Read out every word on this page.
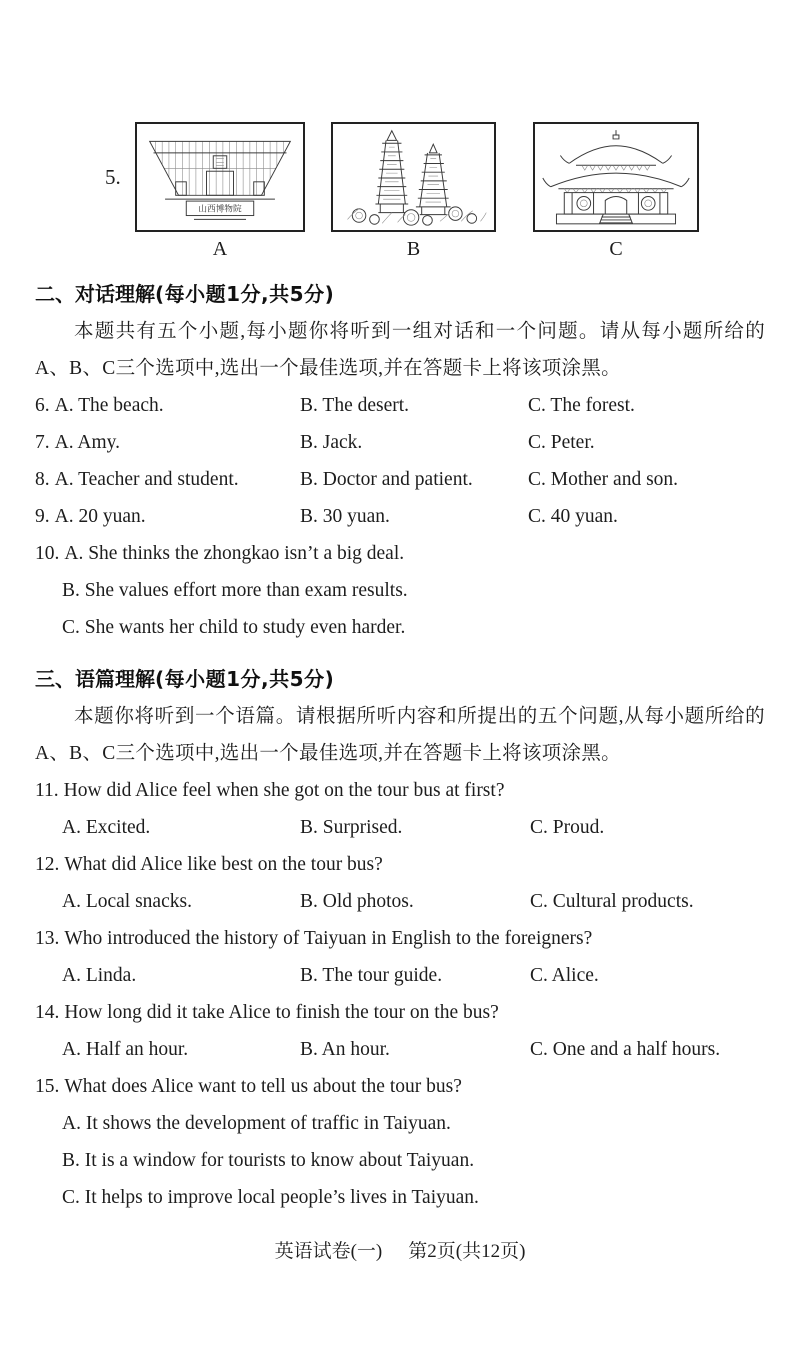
5.
山西博物院
A	B	C
二、对话理解(每小题1分,共5分)

本题共有五个小题,每小题你将听到一组对话和一个问题。请从每小题所给的A、B、C三个选项中,选出一个最佳选项,并在答题卡上将该项涂黑。

6. A. The beach.	B. The desert.	C. The forest.
7. A. Amy.	B. Jack.	C. Peter.
8. A. Teacher and student.	B. Doctor and patient.	C. Mother and son.
9. A. 20 yuan.	B. 30 yuan.	C. 40 yuan.
10. A. She thinks the zhongkao isn’t a big deal.
B. She values effort more than exam results.
C. She wants her child to study even harder.
三、语篇理解(每小题1分,共5分)

本题你将听到一个语篇。请根据所听内容和所提出的五个问题,从每小题所给的A、B、C三个选项中,选出一个最佳选项,并在答题卡上将该项涂黑。

11. How did Alice feel when she got on the tour bus at first?
A. Excited.	B. Surprised.	C. Proud.
12. What did Alice like best on the tour bus?
A. Local snacks.	B. Old photos.	C. Cultural products.
13. Who introduced the history of Taiyuan in English to the foreigners?
A. Linda.	B. The tour guide.	C. Alice.
14. How long did it take Alice to finish the tour on the bus?
A. Half an hour.	B. An hour.	C. One and a half hours.
15. What does Alice want to tell us about the tour bus?
A. It shows the development of traffic in Taiyuan.
B. It is a window for tourists to know about Taiyuan.
C. It helps to improve local people’s lives in Taiyuan.
英语试卷(一) 第2页(共12页)
